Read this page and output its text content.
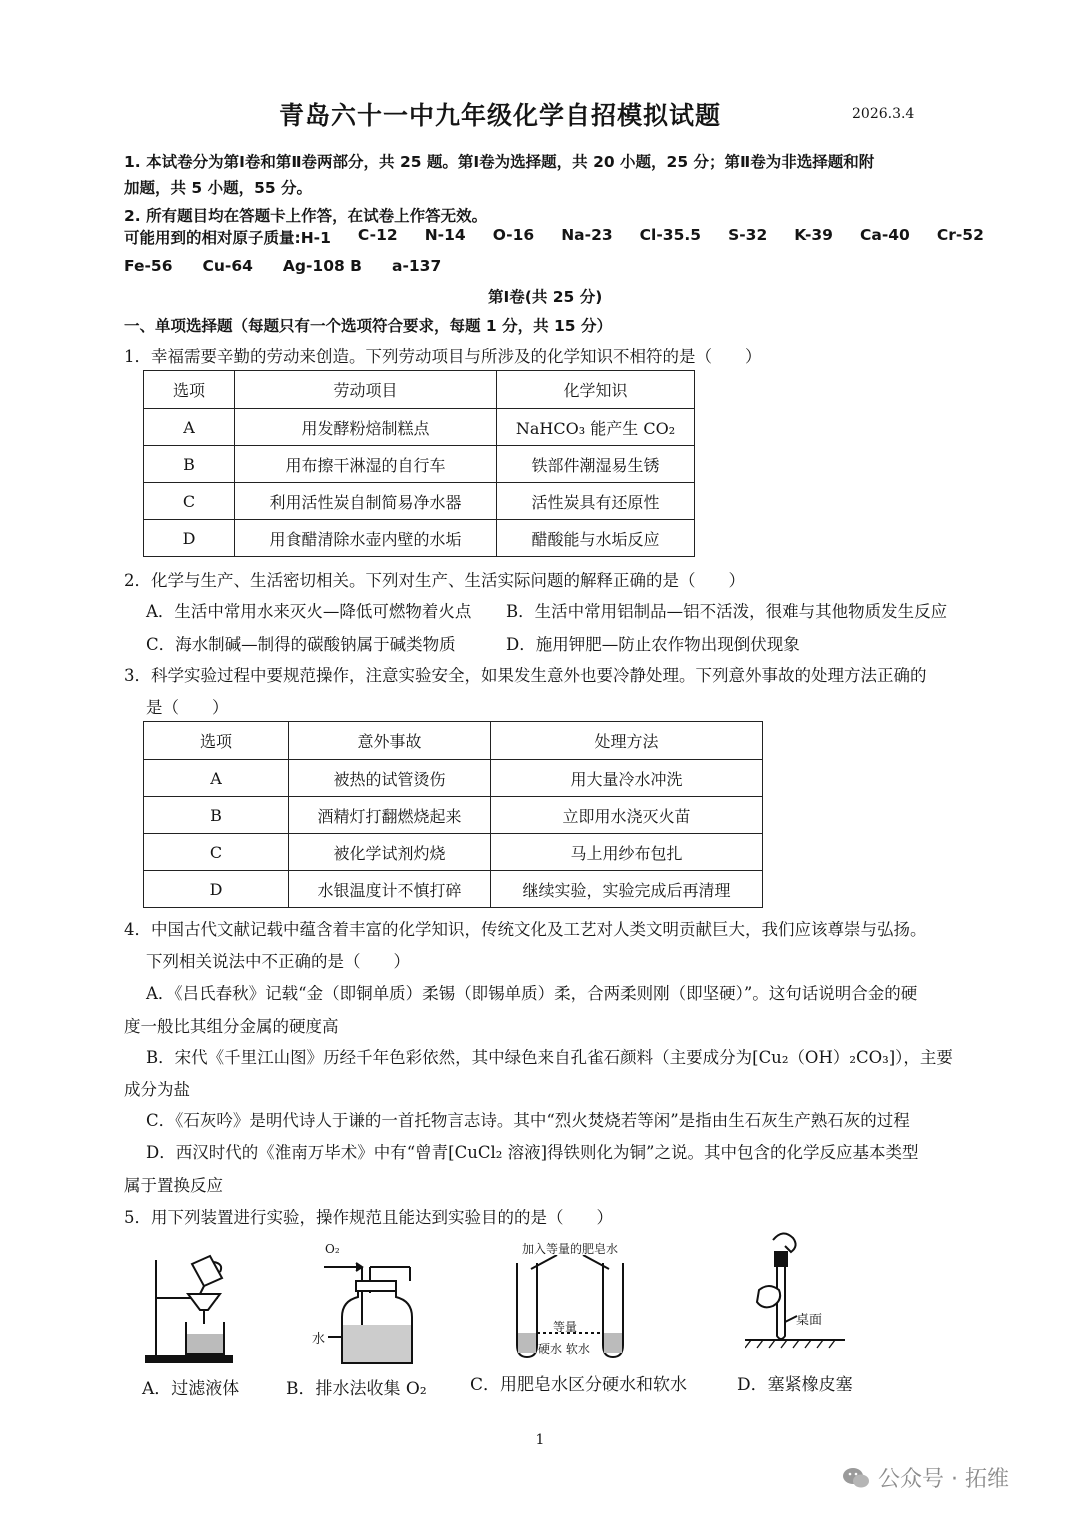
青岛六十一中九年级化学自招模拟试题	2026.3.4
1. 本试卷分为第Ⅰ卷和第Ⅱ卷两部分，共 25 题。第Ⅰ卷为选择题，共 20 小题，25 分；第Ⅱ卷为非选择题和附
加题，共 5 小题，55 分。
2. 所有题目均在答题卡上作答，在试卷上作答无效。
可能用到的相对原子质量:H-1 C-12 N-14 O-16 Na-23 Cl-35.5 S-32 K-39 Ca-40 Cr-52
Fe-56 Cu-64 Ag-108 B a-137
第Ⅰ卷(共 25 分)
一、单项选择题（每题只有一个选项符合要求，每题 1 分，共 15 分）
1．幸福需要辛勤的劳动来创造。下列劳动项目与所涉及的化学知识不相符的是（　　）
选项	劳动项目	化学知识
A	用发酵粉焙制糕点	NaHCO₃ 能产生 CO₂
B	用布擦干淋湿的自行车	铁部件潮湿易生锈
C	利用活性炭自制简易净水器	活性炭具有还原性
D	用食醋清除水壶内壁的水垢	醋酸能与水垢反应
2．化学与生产、生活密切相关。下列对生产、生活实际问题的解释正确的是（　　）
A．生活中常用水来灭火—降低可燃物着火点 B．生活中常用铝制品—铝不活泼，很难与其他物质发生反应
C．海水制碱—制得的碳酸钠属于碱类物质	D．施用钾肥—防止农作物出现倒伏现象
3．科学实验过程中要规范操作，注意实验安全，如果发生意外也要冷静处理。下列意外事故的处理方法正确的
是（　　）
选项	意外事故	处理方法
A	被热的试管烫伤	用大量冷水冲洗
B	酒精灯打翻燃烧起来	立即用水浇灭火苗
C	被化学试剂灼烧	马上用纱布包扎
D	水银温度计不慎打碎	继续实验，实验完成后再清理
4．中国古代文献记载中蕴含着丰富的化学知识，传统文化及工艺对人类文明贡献巨大，我们应该尊崇与弘扬。
下列相关说法中不正确的是（　　）
A．《吕氏春秋》记载“金（即铜单质）柔锡（即锡单质）柔，合两柔则刚（即坚硬）”。这句话说明合金的硬
度一般比其组分金属的硬度高
B．宋代《千里江山图》历经千年色彩依然，其中绿色来自孔雀石颜料（主要成分为[Cu₂（OH）₂CO₃]），主要
成分为盐
C．《石灰吟》是明代诗人于谦的一首托物言志诗。其中“烈火焚烧若等闲”是指由生石灰生产熟石灰的过程
D．西汉时代的《淮南万毕术》中有“曾青[CuCl₂ 溶液]得铁则化为铜”之说。其中包含的化学反应基本类型
属于置换反应
5．用下列装置进行实验，操作规范且能达到实验目的的是（　　）
A．过滤液体
O₂
水
B．排水法收集 O₂
加入等量的肥皂水
等量
硬水 软水
C．用肥皂水区分硬水和软水
桌面
D．塞紧橡皮塞
1
公众号 · 拓维
